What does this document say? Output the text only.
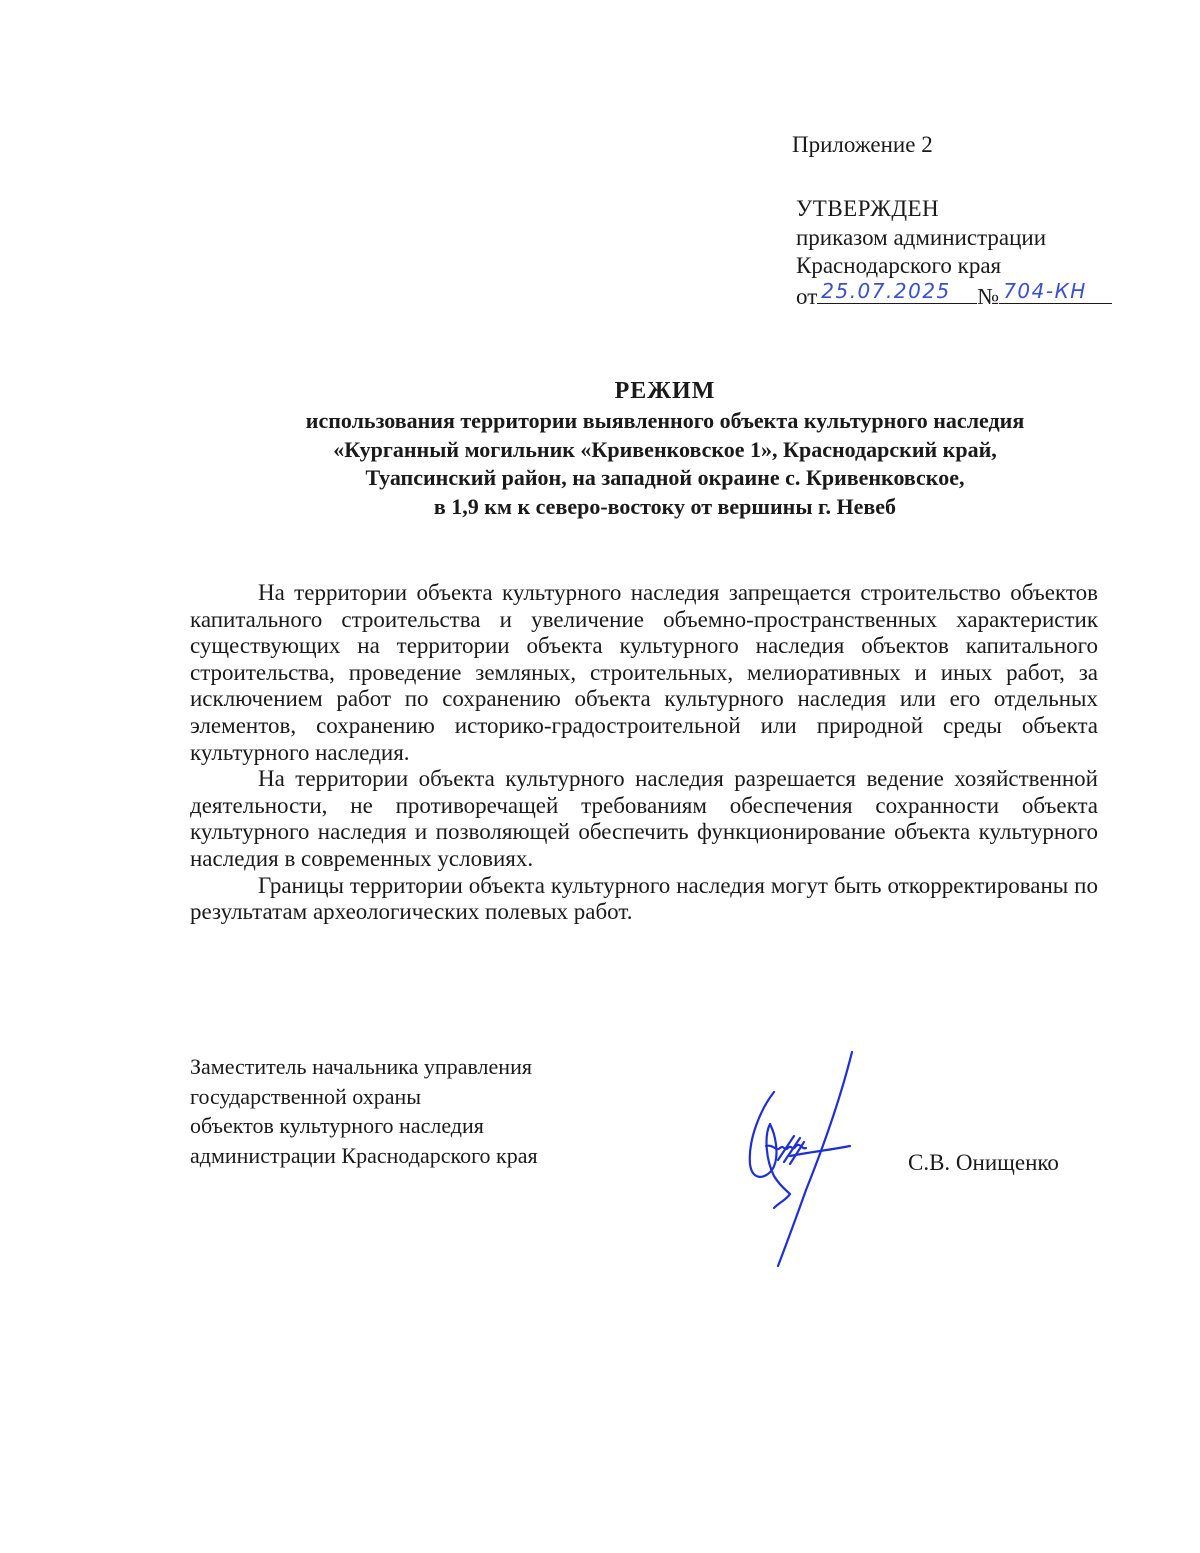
Приложение 2
УТВЕРЖДЕН
приказом администрации
Краснодарского края
от 25.07.2025 № 704-КН
РЕЖИМ
использования территории выявленного объекта культурного наследия
«Курганный могильник «Кривенковское 1», Краснодарский край,
Туапсинский район, на западной окраине с. Кривенковское,
в 1,9 км к северо-востоку от вершины г. Невеб

На территории объекта культурного наследия запрещается строительство объектов капитального строительства и увеличение объемно-пространственных характеристик существующих на территории объекта культурного наследия объектов капитального строительства, проведение земляных, строительных, мелиоративных и иных работ, за исключением работ по сохранению объекта культурного наследия или его отдельных элементов, сохранению историко-градостроительной или природной среды объекта культурного наследия.

На территории объекта культурного наследия разрешается ведение хозяйственной деятельности, не противоречащей требованиям обеспечения сохранности объекта культурного наследия и позволяющей обеспечить функционирование объекта культурного наследия в современных условиях.

Границы территории объекта культурного наследия могут быть откорректированы по результатам археологических полевых работ.

Заместитель начальника управления
государственной охраны
объектов культурного наследия
администрации Краснодарского края	С.В. Онищенко
